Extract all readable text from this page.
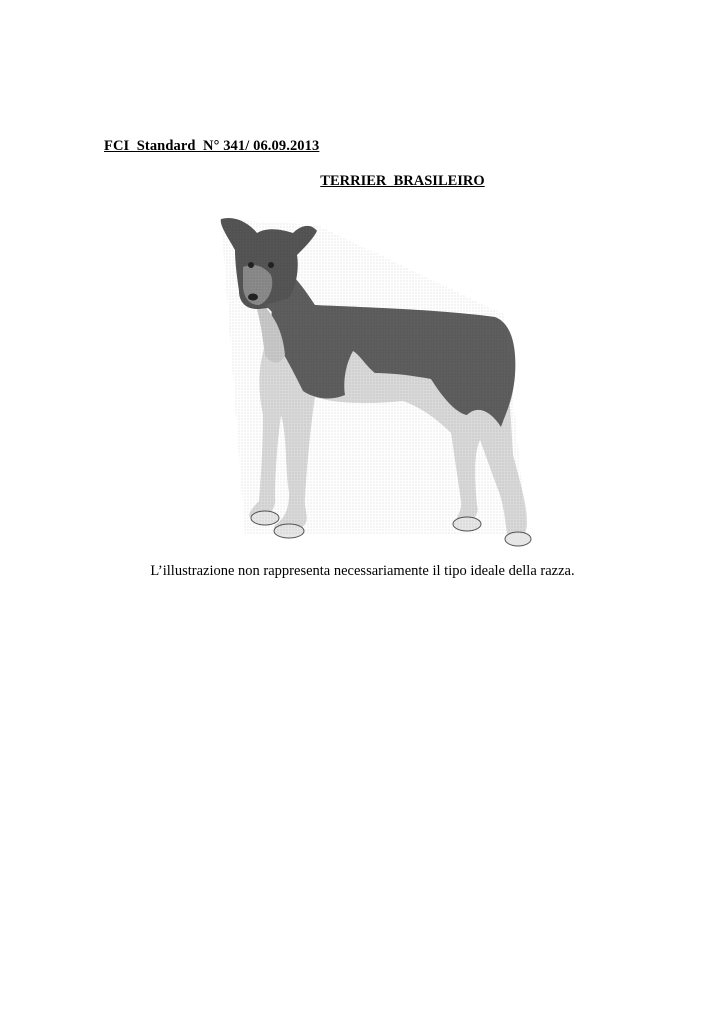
FCI  Standard  N° 341/ 06.09.2013
TERRIER  BRASILEIRO
L’illustrazione non rappresenta necessariamente il tipo ideale della razza.
